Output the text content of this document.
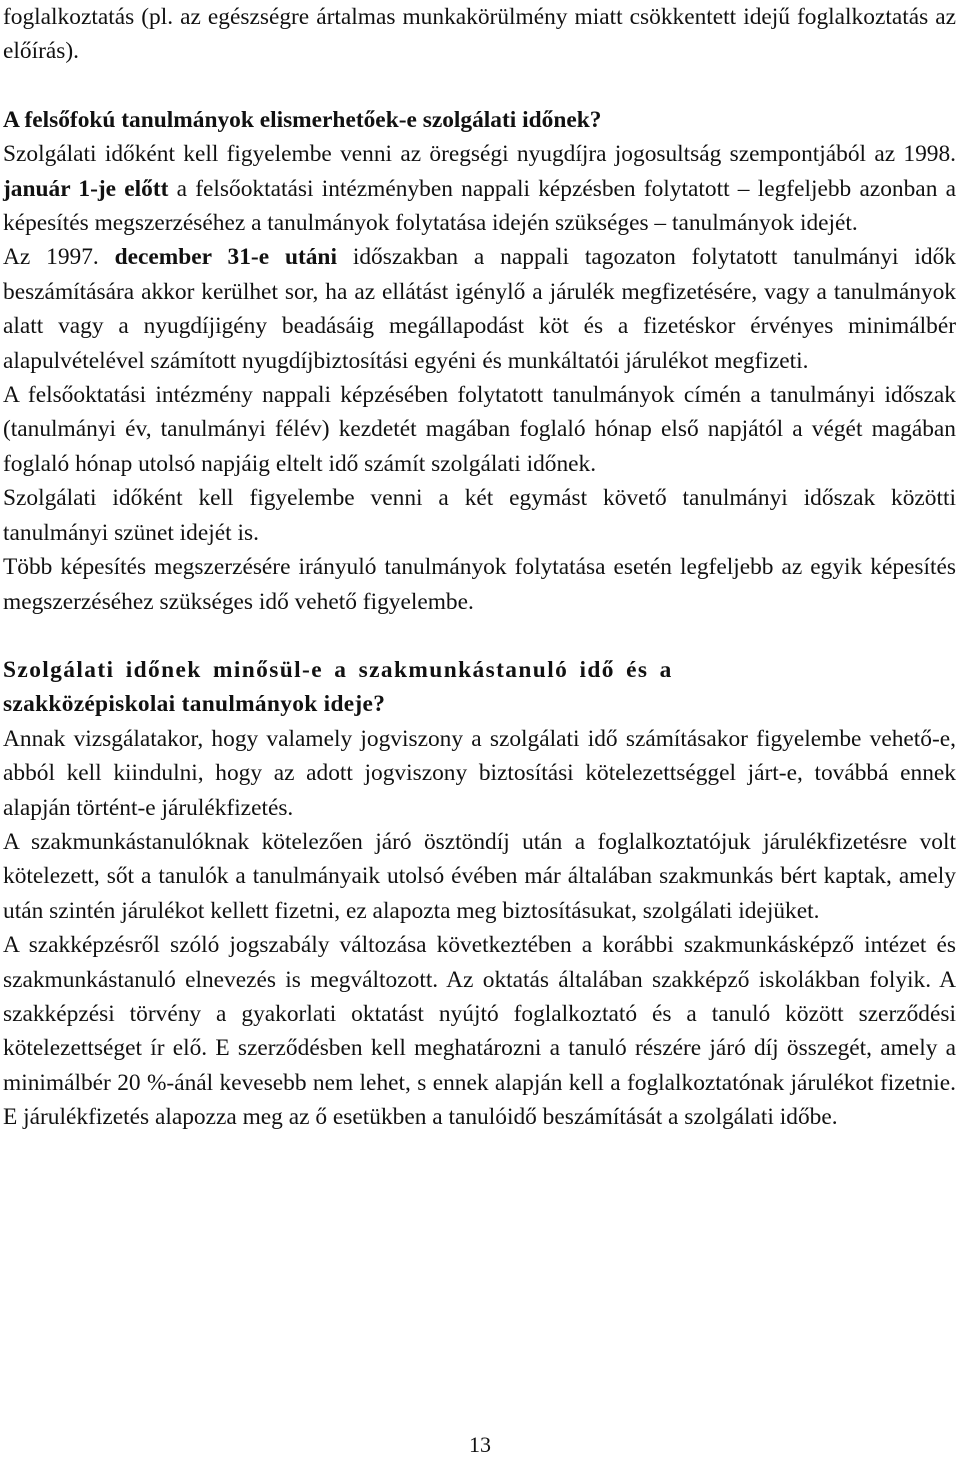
foglalkoztatás (pl. az egészségre ártalmas munkakörülmény miatt csökkentett idejű foglalkoztatás az előírás).

A felsőfokú tanulmányok elismerhetőek-e szolgálati időnek?

Szolgálati időként kell figyelembe venni az öregségi nyugdíjra jogosultság szempontjából az 1998. január 1-je előtt a felsőoktatási intézményben nappali képzésben folytatott – legfeljebb azonban a képesítés megszerzéséhez a tanulmányok folytatása idején szükséges – tanulmányok idejét.

Az 1997. december 31-e utáni időszakban a nappali tagozaton folytatott tanulmányi idők beszámítására akkor kerülhet sor, ha az ellátást igénylő a járulék megfizetésére, vagy a tanulmányok alatt vagy a nyugdíjigény beadásáig megállapodást köt és a fizetéskor érvényes minimálbér alapulvételével számított nyugdíjbiztosítási egyéni és munkáltatói járulékot megfizeti.

A felsőoktatási intézmény nappali képzésében folytatott tanulmányok címén a tanulmányi időszak (tanulmányi év, tanulmányi félév) kezdetét magában foglaló hónap első napjától a végét magában foglaló hónap utolsó napjáig eltelt idő számít szolgálati időnek.

Szolgálati időként kell figyelembe venni a két egymást követő tanulmányi időszak közötti tanulmányi szünet idejét is.

Több képesítés megszerzésére irányuló tanulmányok folytatása esetén legfeljebb az egyik képesítés megszerzéséhez szükséges idő vehető figyelembe.

Szolgálati időnek minősül-e a szakmunkástanuló idő és a

szakközépiskolai tanulmányok ideje?

Annak vizsgálatakor, hogy valamely jogviszony a szolgálati idő számításakor figyelembe vehető-e, abból kell kiindulni, hogy az adott jogviszony biztosítási kötelezettséggel járt-e, továbbá ennek alapján történt-e járulékfizetés.

A szakmunkástanulóknak kötelezően járó ösztöndíj után a foglalkoztatójuk járulékfizetésre volt kötelezett, sőt a tanulók a tanulmányaik utolsó évében már általában szakmunkás bért kaptak, amely után szintén járulékot kellett fizetni, ez alapozta meg biztosításukat, szolgálati idejüket.

A szakképzésről szóló jogszabály változása következtében a korábbi szakmunkásképző intézet és szakmunkástanuló elnevezés is megváltozott. Az oktatás általában szakképző iskolákban folyik. A szakképzési törvény a gyakorlati oktatást nyújtó foglalkoztató és a tanuló között szerződési kötelezettséget ír elő. E szerződésben kell meghatározni a tanuló részére járó díj összegét, amely a minimálbér 20 %-ánál kevesebb nem lehet, s ennek alapján kell a foglalkoztatónak járulékot fizetnie. E járulékfizetés alapozza meg az ő esetükben a tanulóidő beszámítását a szolgálati időbe.

13
